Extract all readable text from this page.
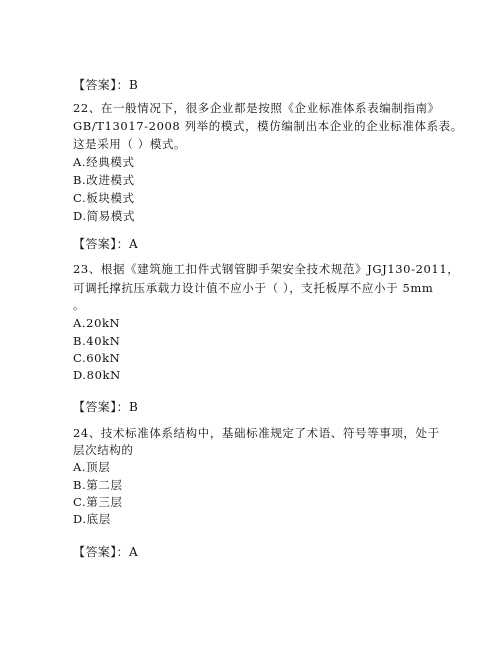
【答案】：B
22、在一般情况下，很多企业都是按照《企业标准体系表编制指南》
GB/T13017-2008 列举的模式，模仿编制出本企业的企业标准体系表。
这是采用（ ）模式。
A.经典模式
B.改进模式
C.板块模式
D.简易模式
【答案】：A
23、根据《建筑施工扣件式钢管脚手架安全技术规范》JGJ130-2011，
可调托撑抗压承载力设计值不应小于（ ），支托板厚不应小于 5mm
。
A.20kN
B.40kN
C.60kN
D.80kN
【答案】：B
24、技术标准体系结构中，基础标准规定了术语、符号等事项，处于
层次结构的
A.顶层
B.第二层
C.第三层
D.底层
【答案】：A
